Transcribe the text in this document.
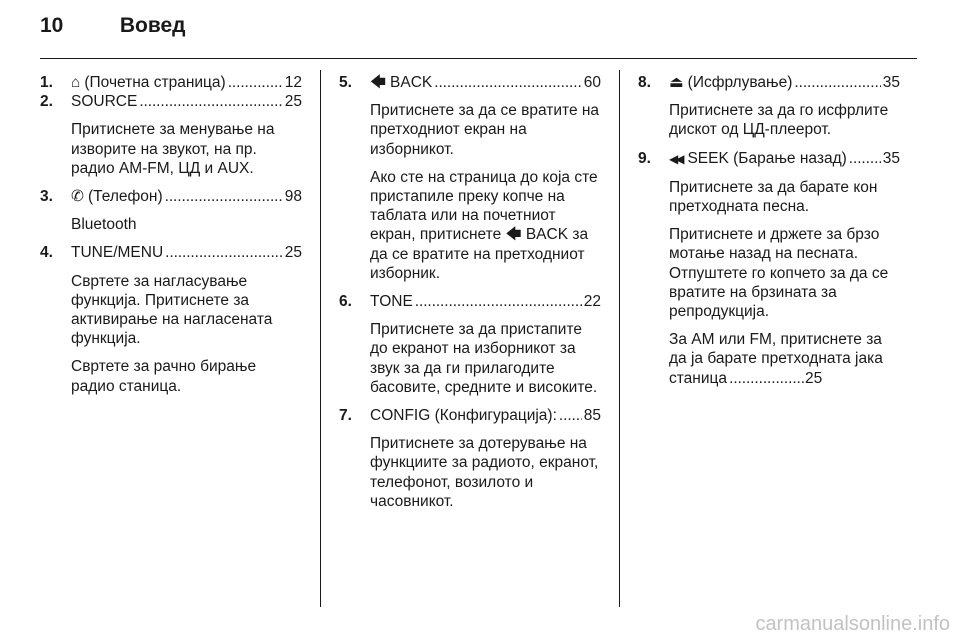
10	Вовед
1.	⌂ (Почетна страница) . . .	12
2.	SOURCE . . .	25
Притиснете за менување на изворите на звукот, на пр. радио AM-FM, ЦД и AUX.
3.	✆ (Телефон) . . .	98
Bluetooth
4.	TUNE/MENU . . .	25
Свртете за нагласување функција. Притиснете за активирање на нагласената функција.
Свртете за рачно бирање радио станица.
5.	🡄 BACK . . .	60
Притиснете за да се вратите на претходниот екран на изборникот.
Ако сте на страница до која сте пристапиле преку копче на таблата или на почетниот екран, притиснете 🡄 BACK за да се вратите на претходниот изборник.
6.	TONE . . .	22
Притиснете за да пристапите до екранот на изборникот за звук за да ги прилагодите басовите, средните и високите.
7.	CONFIG (Конфигурација): . . . 85
Притиснете за дотерување на функциите за радиото, екранот, телефонот, возилото и часовникот.
8.	⏏ (Исфрлување) . . .	35
Притиснете за да го исфрлите дискот од ЦД-плеерот.
9.	◀◀ SEEK (Барање назад) . . . 35
Притиснете за да барате кон претходната песна.
Притиснете и држете за брзо мотање назад на песната. Отпуштете го копчето за да се вратите на брзината за репродукција.
За AM или FM, притиснете за да ја барате претходната јака станица . . . . . . . . . . . . . . . . . . 25
carmanualsonline.info
